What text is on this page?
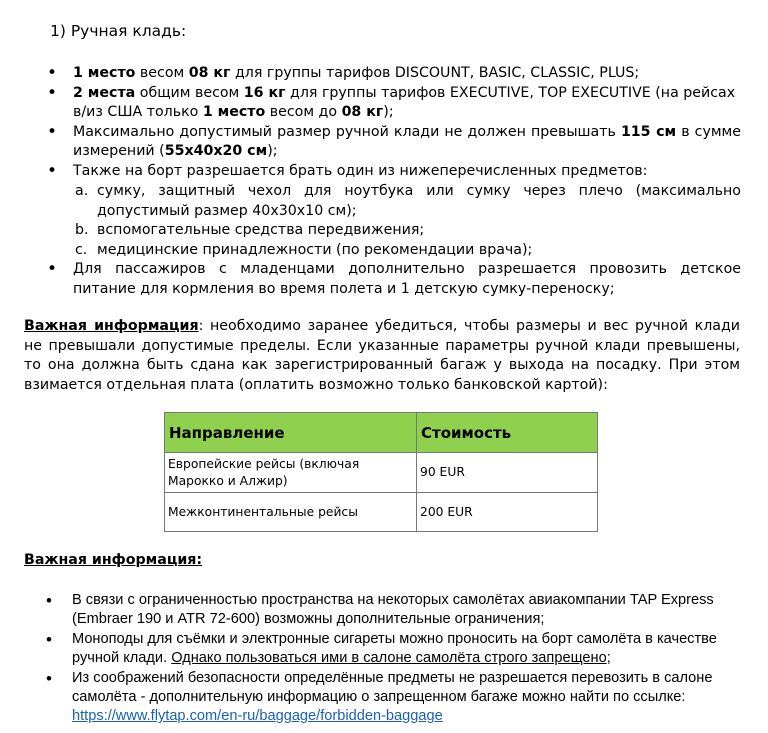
1) Ручная кладь:
• 1 место весом 08 кг для группы тарифов DISCOUNT, BASIC, CLASSIC, PLUS;
• 2 места общим весом 16 кг для группы тарифов EXECUTIVE, TOP EXECUTIVE (на рейсах в/из США только 1 место весом до 08 кг);
• Максимально допустимый размер ручной клади не должен превышать 115 см в сумме измерений (55x40x20 см);
• Также на борт разрешается брать один из нижеперечисленных предметов:
a. сумку, защитный чехол для ноутбука или сумку через плечо (максимально допустимый размер 40x30x10 см);
b. вспомогательные средства передвижения;
c. медицинские принадлежности (по рекомендации врача);
• Для пассажиров с младенцами дополнительно разрешается провозить детское питание для кормления во время полета и 1 детскую сумку-переноску;
Важная информация: необходимо заранее убедиться, чтобы размеры и вес ручной клади не превышали допустимые пределы. Если указанные параметры ручной клади превышены, то она должна быть сдана как зарегистрированный багаж у выхода на посадку. При этом взимается отдельная плата (оплатить возможно только банковской картой):
Направление	Стоимость
Европейские рейсы (включая Марокко и Алжир)	90 EUR
Межконтинентальные рейсы	200 EUR
Важная информация:
• В связи с ограниченностью пространства на некоторых самолётах авиакомпании TAP Express (Embraer 190 и ATR 72-600) возможны дополнительные ограничения;
• Моноподы для съёмки и электронные сигареты можно проносить на борт самолёта в качестве ручной клади. Однако пользоваться ими в салоне самолёта строго запрещено;
• Из соображений безопасности определённые предметы не разрешается перевозить в салоне самолёта - дополнительную информацию о запрещенном багаже можно найти по ссылке: https://www.flytap.com/en-ru/baggage/forbidden-baggage
